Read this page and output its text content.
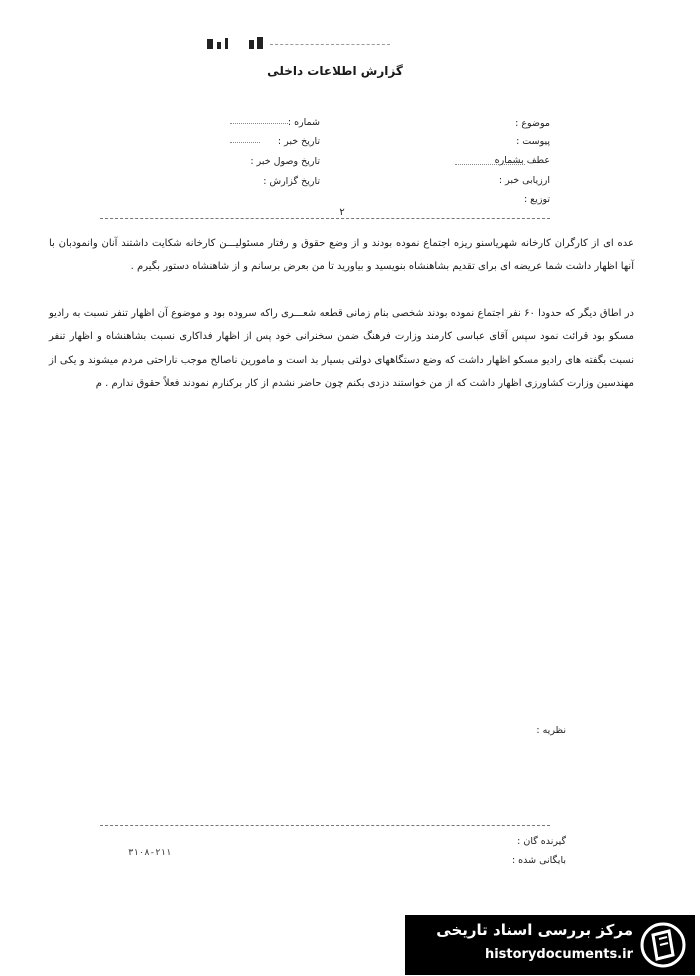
گزارش اطلاعات داخلی
موضوع :
پیوست :
عطف بشماره
ارزیابی خبر :
توزیع :
شماره :
تاریخ خبر :
تاریخ وصول خبر :
تاریخ گزارش :
۲
عده ای از کارگران کارخانه شهریاسنو ریزه اجتماع نموده بودند و از وضع حقوق و رفتار مسئولیـــن کارخانه شکایت داشتند آنان وانمودبان با آنها اظهار داشت شما عریضه ای برای تقدیم بشاهنشاه بنویسید و بیاورید تا من بعرض برسانم و از شاهنشاه دستور بگیرم .
در اطاق دیگر که حدودا ۶۰ نفر اجتماع نموده بودند شخصی بنام زمانی قطعه شعـــری راکه سروده بود و موضوع آن اظهار تنفر نسبت به رادیو مسکو بود قرائت نمود سپس آقای عباسی کارمند وزارت فرهنگ ضمن سخنرانی خود پس از اظهار فداکاری نسبت بشاهنشاه و اظهار تنفر نسبت بگفته های رادیو مسکو اظهار داشت که وضع دستگاههای دولتی بسیار بد است و مامورین ناصالح موجب ناراحتی مردم میشوند و یکی از مهندسین وزارت کشاورزی اظهار داشت که از من خواستند دزدی بکنم چون حاضر نشدم از کار برکنارم نمودند فعلاً حقوق ندارم . م
نظریه :
گیرنده گان :
بایگانی شده :
۳۱۰۸-۲۱۱
مرکز بررسی اسناد تاریخی
historydocuments.ir
